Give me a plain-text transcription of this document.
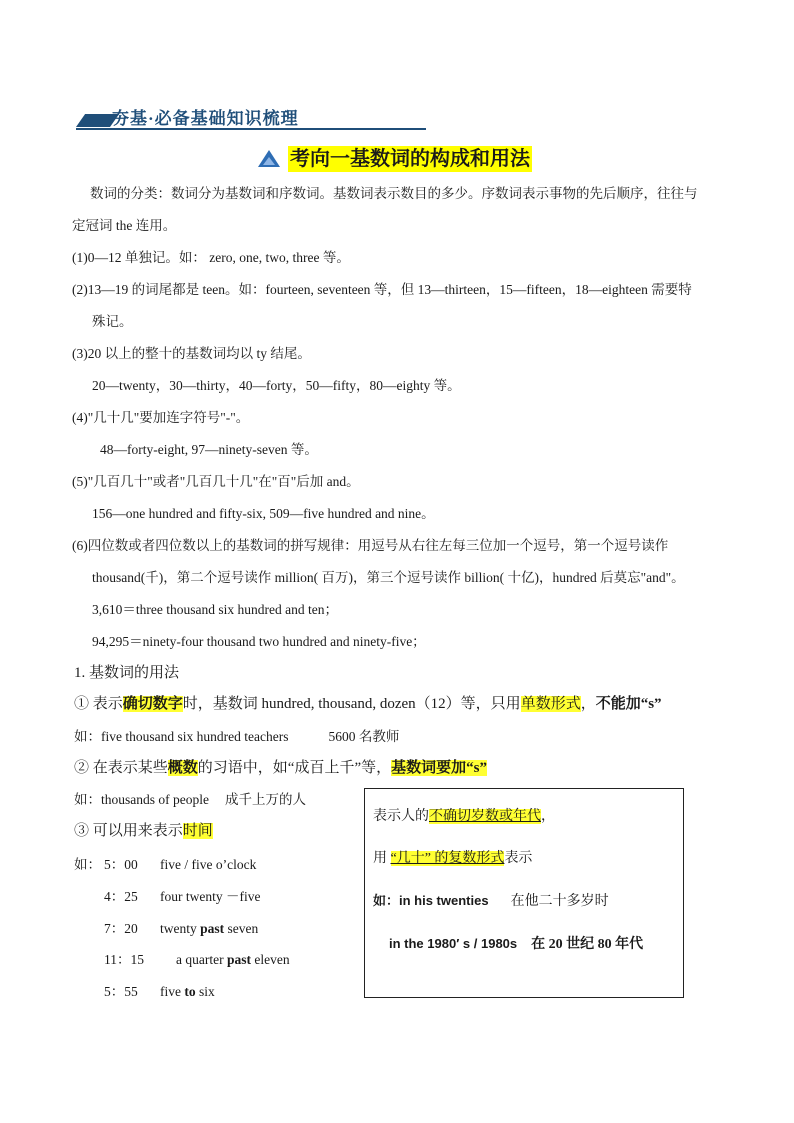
夯基·必备基础知识梳理
考向一基数词的构成和用法
数词的分类：数词分为基数词和序数词。基数词表示数目的多少。序数词表示事物的先后顺序，往往与
定冠词 the 连用。
(1)0—12 单独记。如： zero, one, two, three 等。
(2)13—19 的词尾都是 teen。如：fourteen, seventeen 等，但 13—thirteen，15—fifteen，18—eighteen 需要特
殊记。
(3)20 以上的整十的基数词均以 ty 结尾。
20—twenty，30—thirty，40—forty，50—fifty，80—eighty 等。
(4)"几十几"要加连字符号"-"。
48—forty-eight, 97—ninety-seven 等。
(5)"几百几十"或者"几百几十几"在"百"后加 and。
156—one hundred and fifty-six, 509—five hundred and nine。
(6)四位数或者四位数以上的基数词的拼写规律：用逗号从右往左每三位加一个逗号，第一个逗号读作
thousand(千)，第二个逗号读作 million( 百万)，第三个逗号读作 billion( 十亿)，hundred 后莫忘"and"。
3,610＝three thousand six hundred and ten；
94,295＝ninety-four thousand two hundred and ninety-five；
1. 基数词的用法
① 表示确切数字时，基数词 hundred, thousand, dozen（12）等，只用单数形式，不能加“s”
如：five thousand six hundred teachers	5600 名教师
② 在表示某些概数的习语中，如“成百上千”等，基数词要加“s”
如：thousands of people 成千上万的人
③ 可以用来表示时间
如： 5：00 five / five o’clock
4：25 four twenty －five
7：20 twenty past seven
11：15 a quarter past eleven
5：55 five to six
表示人的不确切岁数或年代，
用 “几十” 的复数形式表示
如：in his twenties 在他二十多岁时
in the 1980′ s / 1980s 在 20 世纪 80 年代
